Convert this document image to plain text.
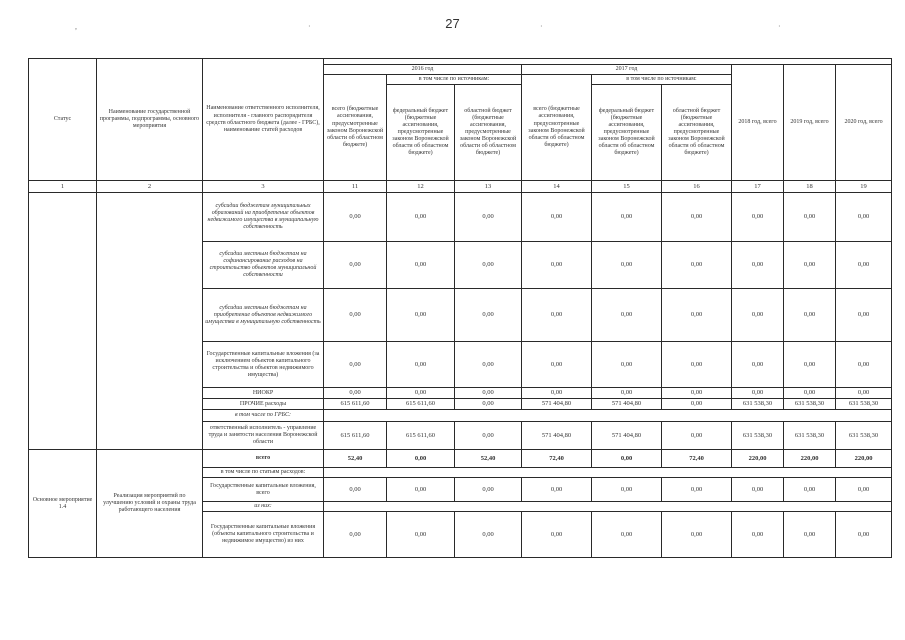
27
,	·	·	·
Статус	Наименование государственной программы, подпрограммы, основного мероприятия	Наименование ответственного исполнителя, исполнителя - главного распорядителя средств областного бюджета (далее - ГРБС), наименование статей расходов									
			2016 год			2017 год			2018 год, всего	2019 год, всего	2020 год, всего
			всего (бюджетные ассигнования, предусмотренные законом Воронежской области об областном бюджете)	в том числе по источникам:		всего (бюджетные ассигнования, предусмотренные законом Воронежской области об областном бюджете)	в том числе по источникам:				
				федеральный бюджет (бюджетные ассигнования, предусмотренные законом Воронежской области об областном бюджете)	областной бюджет (бюджетные ассигнования, предусмотренные законом Воронежской области об областном бюджете)		федеральный бюджет (бюджетные ассигнования, предусмотренные законом Воронежской области об областном бюджете)	областной бюджет (бюджетные ассигнования, предусмотренные законом Воронежской области об областном бюджете)			
1	2	3	11	12	13	14	15	16	17	18	19
		субсидии бюджетам муниципальных образований на приобретение объектов недвижимого имущества в муниципальную собственность	0,00	0,00	0,00	0,00	0,00	0,00	0,00	0,00	0,00
		субсидии местным бюджетам на софинансирование расходов на строительство объектов муниципальной собственности	0,00	0,00	0,00	0,00	0,00	0,00	0,00	0,00	0,00
		субсидии местным бюджетам на приобретение объектов недвижимого имущества в муниципальную собственность	0,00	0,00	0,00	0,00	0,00	0,00	0,00	0,00	0,00
		Государственные капитальные вложения (за исключением объектов капитального строительства и объектов недвижимого имущества)	0,00	0,00	0,00	0,00	0,00	0,00	0,00	0,00	0,00
		НИОКР	0,00	0,00	0,00	0,00	0,00	0,00	0,00	0,00	0,00
		ПРОЧИЕ расходы	615 611,60	615 611,60	0,00	571 404,80	571 404,80	0,00	631 538,30	631 538,30	631 538,30
		в том числе по ГРБС:									
		ответственный исполнитель - управление труда и занятости населения Воронежской области	615 611,60	615 611,60	0,00	571 404,80	571 404,80	0,00	631 538,30	631 538,30	631 538,30
Основное мероприятие 1.4	Реализация мероприятий по улучшению условий и охраны труда работающего населения	всего	52,40	0,00	52,40	72,40	0,00	72,40	220,00	220,00	220,00
		в том числе по статьям расходов:									
		Государственные капитальные вложения, всего	0,00	0,00	0,00	0,00	0,00	0,00	0,00	0,00	0,00
		из них:									
		Государственные капитальные вложения (объекты капитального строительства и недвижимое имущество) из них	0,00	0,00	0,00	0,00	0,00	0,00	0,00	0,00	0,00
